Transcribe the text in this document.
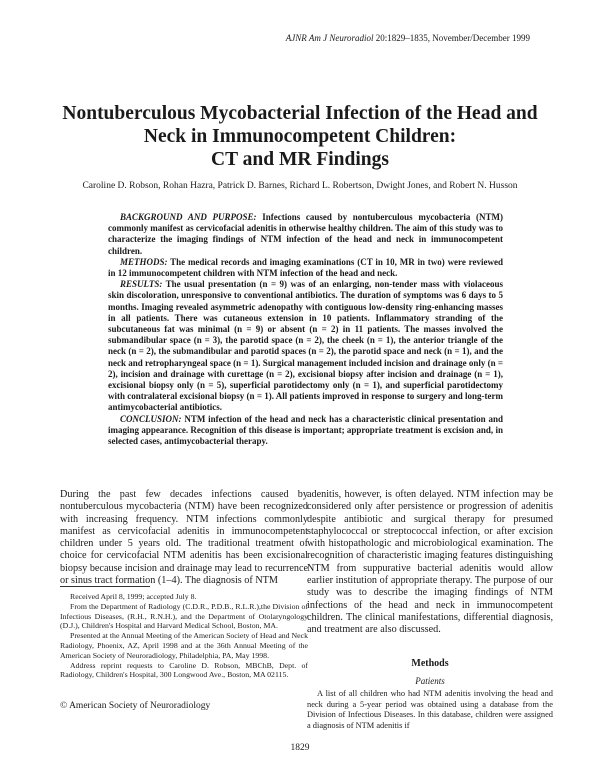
AJNR Am J Neuroradiol 20:1829–1835, November/December 1999
Nontuberculous Mycobacterial Infection of the Head and
Neck in Immunocompetent Children:
CT and MR Findings
Caroline D. Robson, Rohan Hazra, Patrick D. Barnes, Richard L. Robertson, Dwight Jones, and Robert N. Husson

BACKGROUND AND PURPOSE: Infections caused by nontuberculous mycobacteria (NTM) commonly manifest as cervicofacial adenitis in otherwise healthy children. The aim of this study was to characterize the imaging findings of NTM infection of the head and neck in immunocompetent children.

METHODS: The medical records and imaging examinations (CT in 10, MR in two) were reviewed in 12 immunocompetent children with NTM infection of the head and neck.

RESULTS: The usual presentation (n = 9) was of an enlarging, non-tender mass with violaceous skin discoloration, unresponsive to conventional antibiotics. The duration of symptoms was 6 days to 5 months. Imaging revealed asymmetric adenopathy with contiguous low-density ring-enhancing masses in all patients. There was cutaneous extension in 10 patients. Inflammatory stranding of the subcutaneous fat was minimal (n = 9) or absent (n = 2) in 11 patients. The masses involved the submandibular space (n = 3), the parotid space (n = 2), the cheek (n = 1), the anterior triangle of the neck (n = 2), the submandibular and parotid spaces (n = 2), the parotid space and neck (n = 1), and the neck and retropharyngeal space (n = 1). Surgical management included incision and drainage only (n = 2), incision and drainage with curettage (n = 2), excisional biopsy after incision and drainage (n = 1), excisional biopsy only (n = 5), superficial parotidectomy only (n = 1), and superficial parotidectomy with contralateral excisional biopsy (n = 1). All patients improved in response to surgery and long-term antimycobacterial antibiotics.

CONCLUSION: NTM infection of the head and neck has a characteristic clinical presentation and imaging appearance. Recognition of this disease is important; appropriate treatment is excision and, in selected cases, antimycobacterial therapy.

During the past few decades infections caused by nontuberculous mycobacteria (NTM) have been recognized with increasing frequency. NTM infections commonly manifest as cervicofacial adenitis in immunocompetent children under 5 years old. The traditional treatment of choice for cervicofacial NTM adenitis has been excisional biopsy because incision and drainage may lead to recurrence or sinus tract formation (1–4). The diagnosis of NTM

adenitis, however, is often delayed. NTM infection may be considered only after persistence or progression of adenitis despite antibiotic and surgical therapy for presumed staphylococcal or streptococcal infection, or after excision with histopathologic and microbiological examination. The recognition of characteristic imaging features distinguishing NTM from suppurative bacterial adenitis would allow earlier institution of appropriate therapy. The purpose of our study was to describe the imaging findings of NTM infections of the head and neck in immunocompetent children. The clinical manifestations, differential diagnosis, and treatment are also discussed.

Received April 8, 1999; accepted July 8.

From the Department of Radiology (C.D.R., P.D.B., R.L.R.),the Division of Infectious Diseases, (R.H., R.N.H.), and the Department of Otolaryngology (D.J.), Children's Hospital and Harvard Medical School, Boston, MA.

Presented at the Annual Meeting of the American Society of Head and Neck Radiology, Phoenix, AZ, April 1998 and at the 36th Annual Meeting of the American Society of Neuroradiology, Philadelphia, PA, May 1998.

Address reprint requests to Caroline D. Robson, MBChB, Dept. of Radiology, Children's Hospital, 300 Longwood Ave., Boston, MA 02115.

© American Society of Neuroradiology
Methods
Patients

A list of all children who had NTM adenitis involving the head and neck during a 5-year period was obtained using a database from the Division of Infectious Diseases. In this database, children were assigned a diagnosis of NTM adenitis if

1829
